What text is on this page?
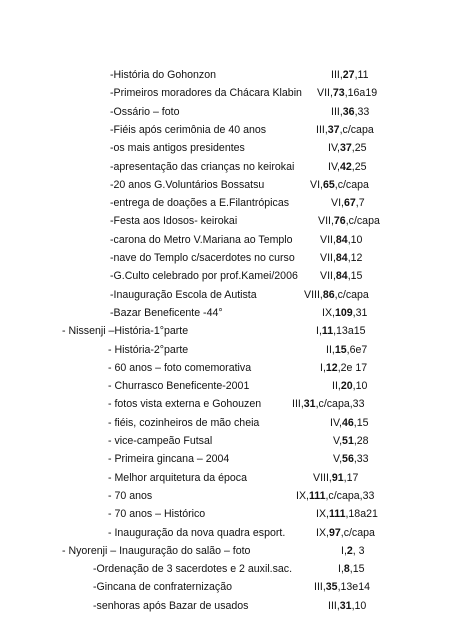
-História do Gohonzon	III,27,11
-Primeiros moradores da Chácara Klabin VII,73,16a19
-Ossário – foto	III,36,33
-Fiéis após cerimônia de 40 anos	III,37,c/capa
-os mais antigos presidentes	IV,37,25
-apresentação das crianças no keirokai	IV,42,25
-20 anos G.Voluntários Bossatsu	VI,65,c/capa
-entrega de doações a E.Filantrópicas	VI,67,7
-Festa aos Idosos- keirokai	VII,76,c/capa
-carona do Metro V.Mariana ao Templo	VII,84,10
-nave do Templo c/sacerdotes no curso VII,84,12
-G.Culto celebrado por prof.Kamei/2006 VII,84,15
-Inauguração Escola de Autista	VIII,86,c/capa
-Bazar Beneficente -44°	IX,109,31
- Nissenji –História-1°parte	I,11,13a15
- História-2°parte	II,15,6e7
- 60 anos – foto comemorativa	I,12,2e 17
- Churrasco Beneficente-2001	II,20,10
- fotos vista externa e Gohouzen	III,31,c/capa,33
- fiéis, cozinheiros de mão cheia	IV,46,15
- vice-campeão Futsal	V,51,28
- Primeira gincana – 2004	V,56,33
- Melhor arquitetura da época	VIII,91,17
- 70 anos	IX,111,c/capa,33
- 70 anos – Histórico	IX,111,18a21
- Inauguração da nova quadra esport.	IX,97,c/capa
- Nyorenji – Inauguração do salão – foto	I,2, 3
-Ordenação de 3 sacerdotes e 2 auxil.sac.	I,8,15
-Gincana de confraternização	III,35,13e14
-senhoras após Bazar de usados	III,31,10
